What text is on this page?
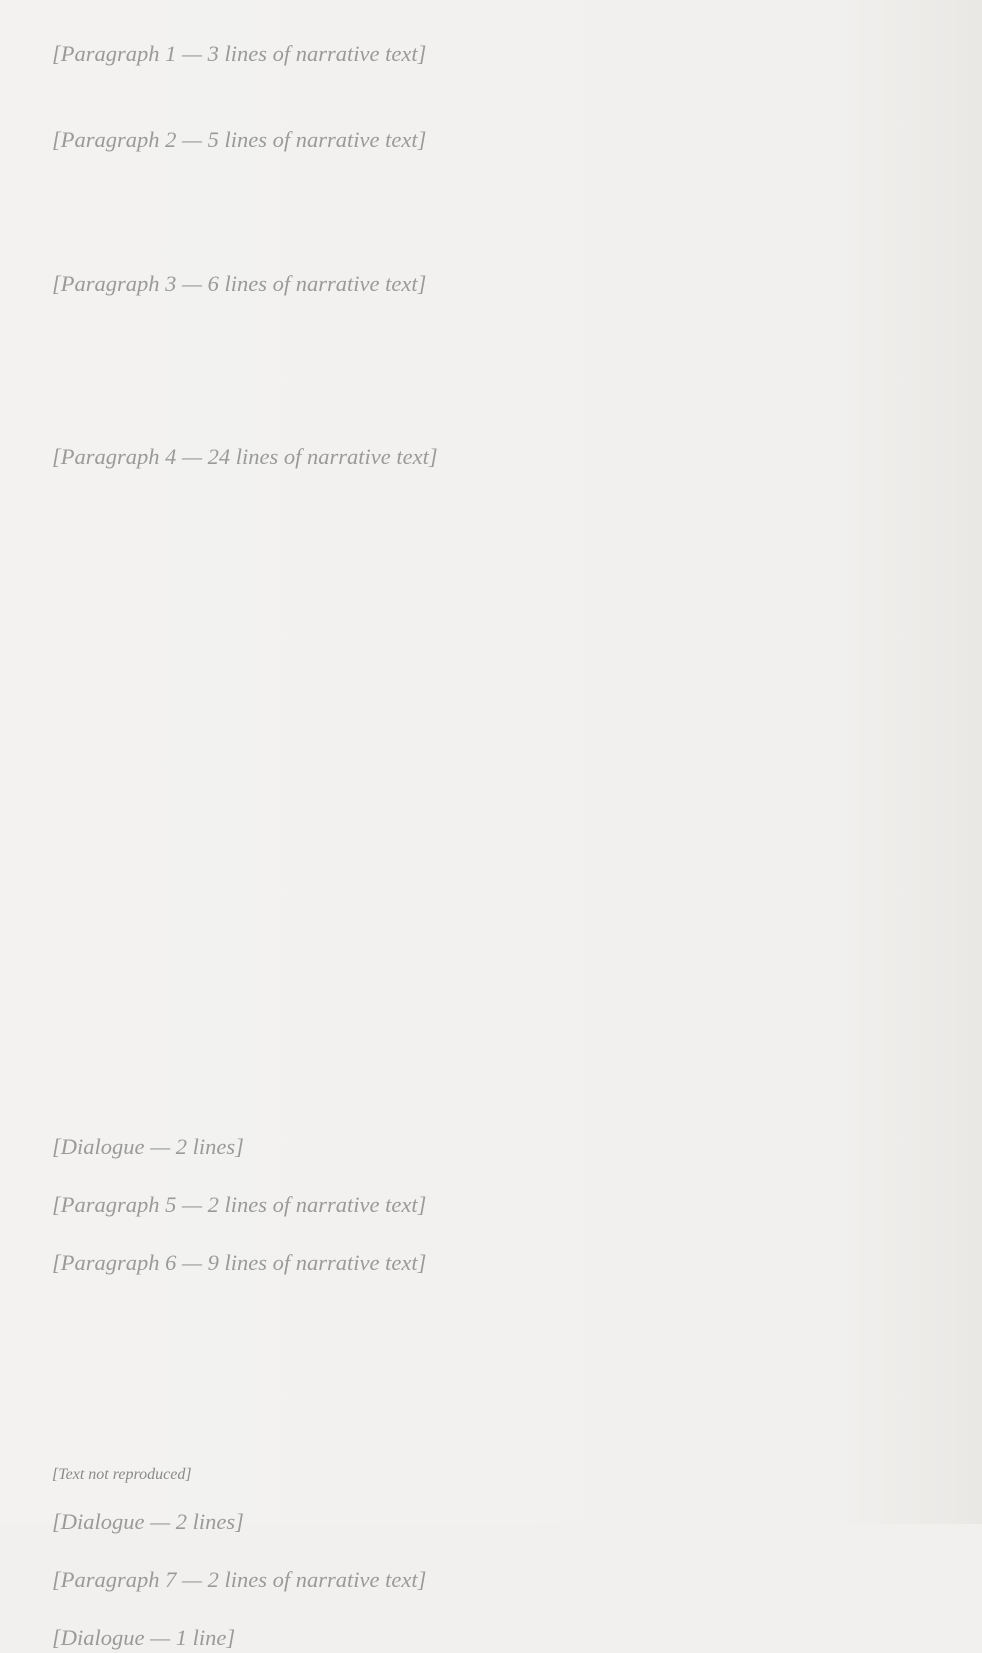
[Paragraph 1 — 3 lines of narrative text]

[Paragraph 2 — 5 lines of narrative text]

[Paragraph 3 — 6 lines of narrative text]

[Paragraph 4 — 24 lines of narrative text]

[Dialogue — 2 lines]

[Paragraph 5 — 2 lines of narrative text]

[Paragraph 6 — 9 lines of narrative text]

[Dialogue — 2 lines]

[Paragraph 7 — 2 lines of narrative text]

[Dialogue — 1 line]

[Text not reproduced]
